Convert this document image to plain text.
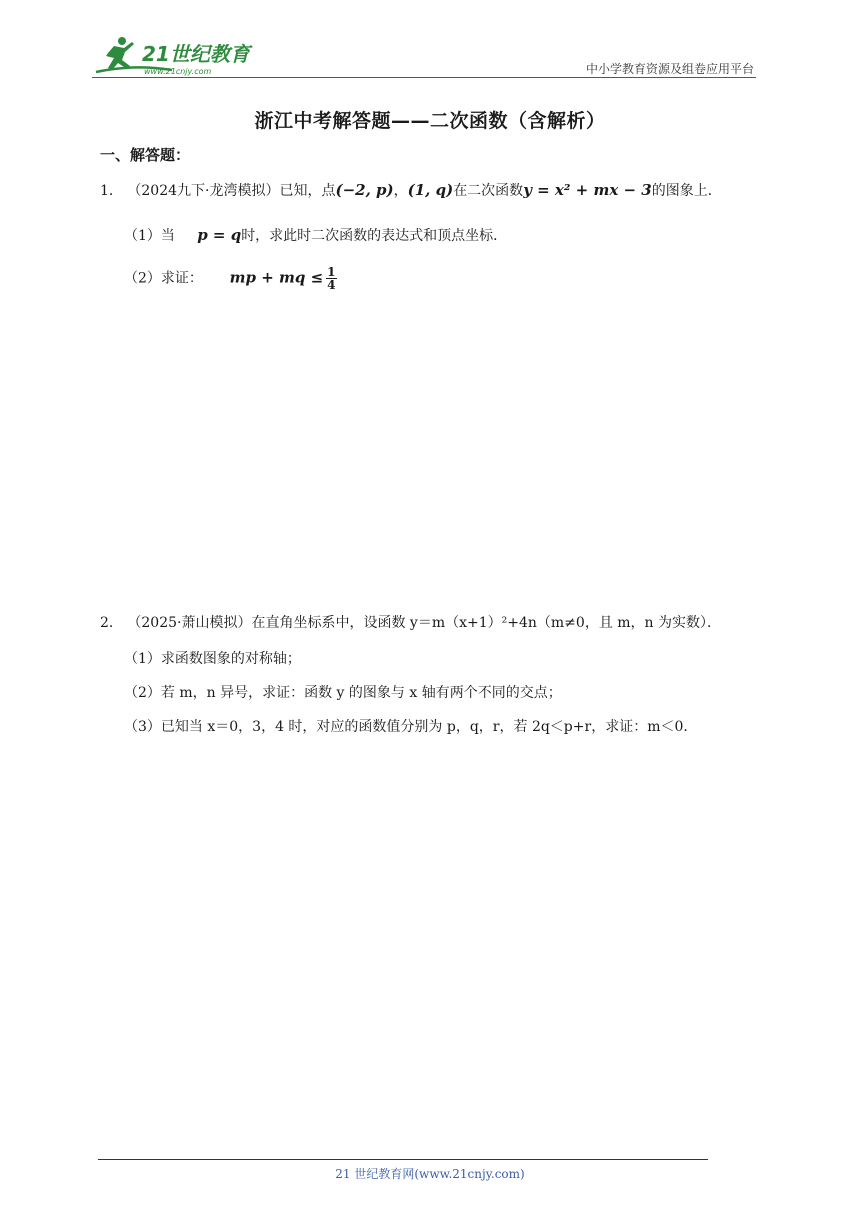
21世纪教育
www.21cnjy.com	中小学教育资源及组卷应用平台
浙江中考解答题——二次函数（含解析）
一、解答题：
1． （2024九下·龙湾模拟）已知，点(−2, p)，(1, q)在二次函数y = x² + mx − 3的图象上．
（1）当 p = q时，求此时二次函数的表达式和顶点坐标．
（2）求证： mp + mq ≤ $\frac{1}{4}$
2． （2025·萧山模拟）在直角坐标系中，设函数 y＝m（x+1）²+4n（m≠0，且 m，n 为实数）．
（1）求函数图象的对称轴；
（2）若 m，n 异号，求证：函数 y 的图象与 x 轴有两个不同的交点；
（3）已知当 x＝0，3，4 时，对应的函数值分别为 p，q，r，若 2q＜p+r，求证：m＜0．
21 世纪教育网(www.21cnjy.com)
